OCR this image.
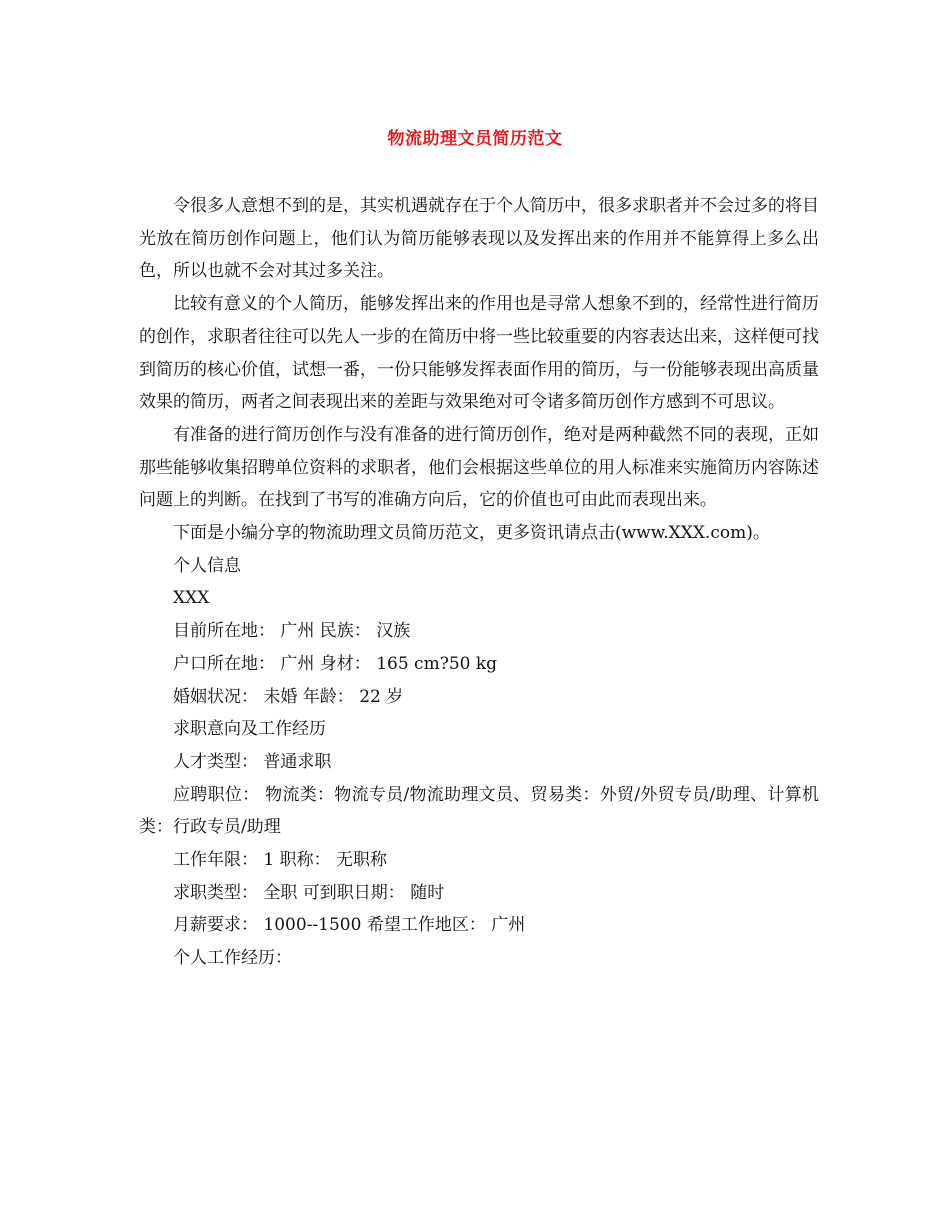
物流助理文员简历范文

令很多人意想不到的是，其实机遇就存在于个人简历中，很多求职者并不会过多的将目光放在简历创作问题上，他们认为简历能够表现以及发挥出来的作用并不能算得上多么出色，所以也就不会对其过多关注。

比较有意义的个人简历，能够发挥出来的作用也是寻常人想象不到的，经常性进行简历的创作，求职者往往可以先人一步的在简历中将一些比较重要的内容表达出来，这样便可找到简历的核心价值，试想一番，一份只能够发挥表面作用的简历，与一份能够表现出高质量效果的简历，两者之间表现出来的差距与效果绝对可令诸多简历创作方感到不可思议。

有准备的进行简历创作与没有准备的进行简历创作，绝对是两种截然不同的表现，正如那些能够收集招聘单位资料的求职者，他们会根据这些单位的用人标准来实施简历内容陈述问题上的判断。在找到了书写的准确方向后，它的价值也可由此而表现出来。

下面是小编分享的物流助理文员简历范文，更多资讯请点击(www.XXX.com)。

个人信息

XXX

目前所在地： 广州 民族： 汉族

户口所在地： 广州 身材： 165 cm?50 kg

婚姻状况： 未婚 年龄： 22 岁

求职意向及工作经历

人才类型： 普通求职

应聘职位： 物流类：物流专员/物流助理文员、贸易类：外贸/外贸专员/助理、计算机类：行政专员/助理

工作年限： 1 职称： 无职称

求职类型： 全职 可到职日期： 随时

月薪要求： 1000--1500 希望工作地区： 广州

个人工作经历：
